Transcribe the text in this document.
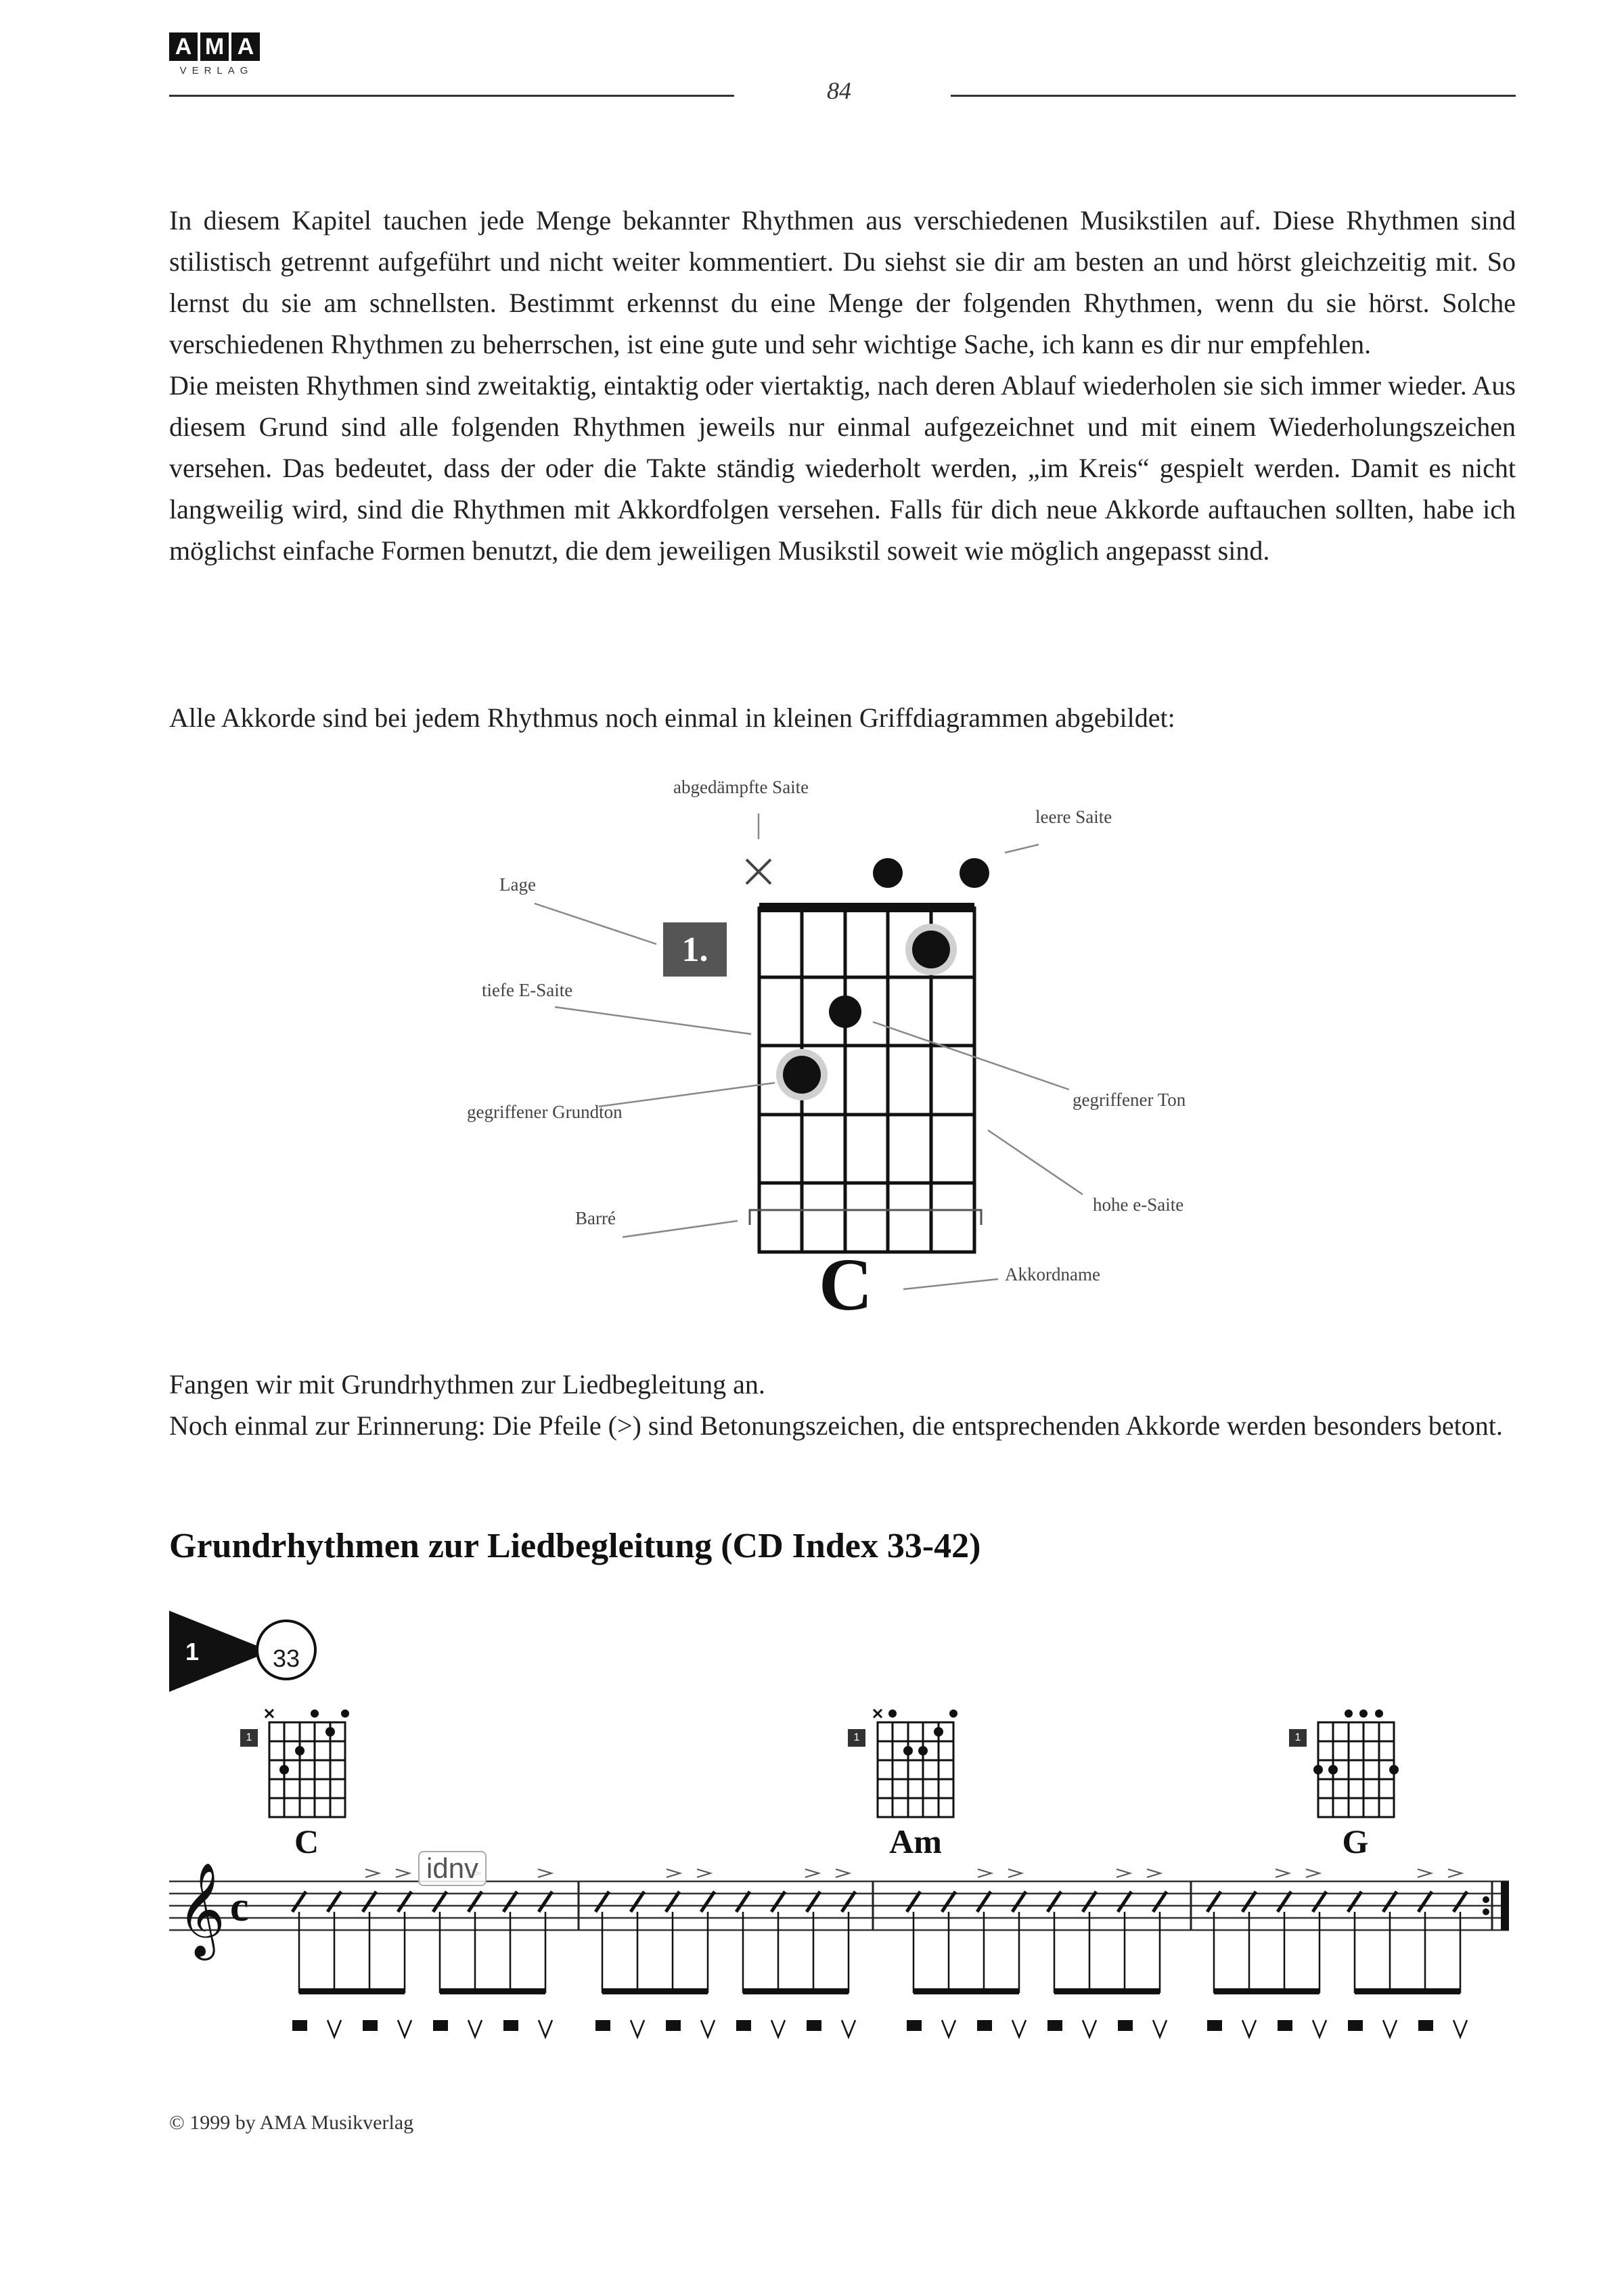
A M A
VERLAG
84

In diesem Kapitel tauchen jede Menge bekannter Rhythmen aus verschiedenen Musikstilen auf. Diese Rhythmen sind stilistisch getrennt aufgeführt und nicht weiter kommentiert. Du siehst sie dir am besten an und hörst gleichzeitig mit. So lernst du sie am schnellsten. Bestimmt erkennst du eine Menge der folgenden Rhythmen, wenn du sie hörst. Solche verschiedenen Rhythmen zu beherrschen, ist eine gute und sehr wichtige Sache, ich kann es dir nur empfehlen.

Die meisten Rhythmen sind zweitaktig, eintaktig oder viertaktig, nach deren Ablauf wiederholen sie sich immer wieder. Aus diesem Grund sind alle folgenden Rhythmen jeweils nur einmal aufgezeichnet und mit einem Wiederholungszeichen versehen. Das bedeutet, dass der oder die Takte ständig wiederholt werden, „im Kreis“ gespielt werden. Damit es nicht langweilig wird, sind die Rhythmen mit Akkordfolgen versehen. Falls für dich neue Akkorde auftauchen sollten, habe ich möglichst einfache Formen benutzt, die dem jeweiligen Musikstil soweit wie möglich angepasst sind.

Alle Akkorde sind bei jedem Rhythmus noch einmal in kleinen Griffdiagrammen abgebildet:

abgedämpfte Saite
leere Saite
Lage
tiefe E-Saite
gegriffener Grundton
gegriffener Ton
Barré
hohe e-Saite
Akkordname
1.
C

Fangen wir mit Grundrhythmen zur Liedbegleitung an.

Noch einmal zur Erinnerung: Die Pfeile (>) sind Betonungszeichen, die entsprechenden Akkorde werden besonders betont.

Grundrhythmen zur Liedbegleitung (CD Index 33-42)
𝄞 c
1	33
1	1	1
C	Am	G
idnv
© 1999 by AMA Musikverlag
